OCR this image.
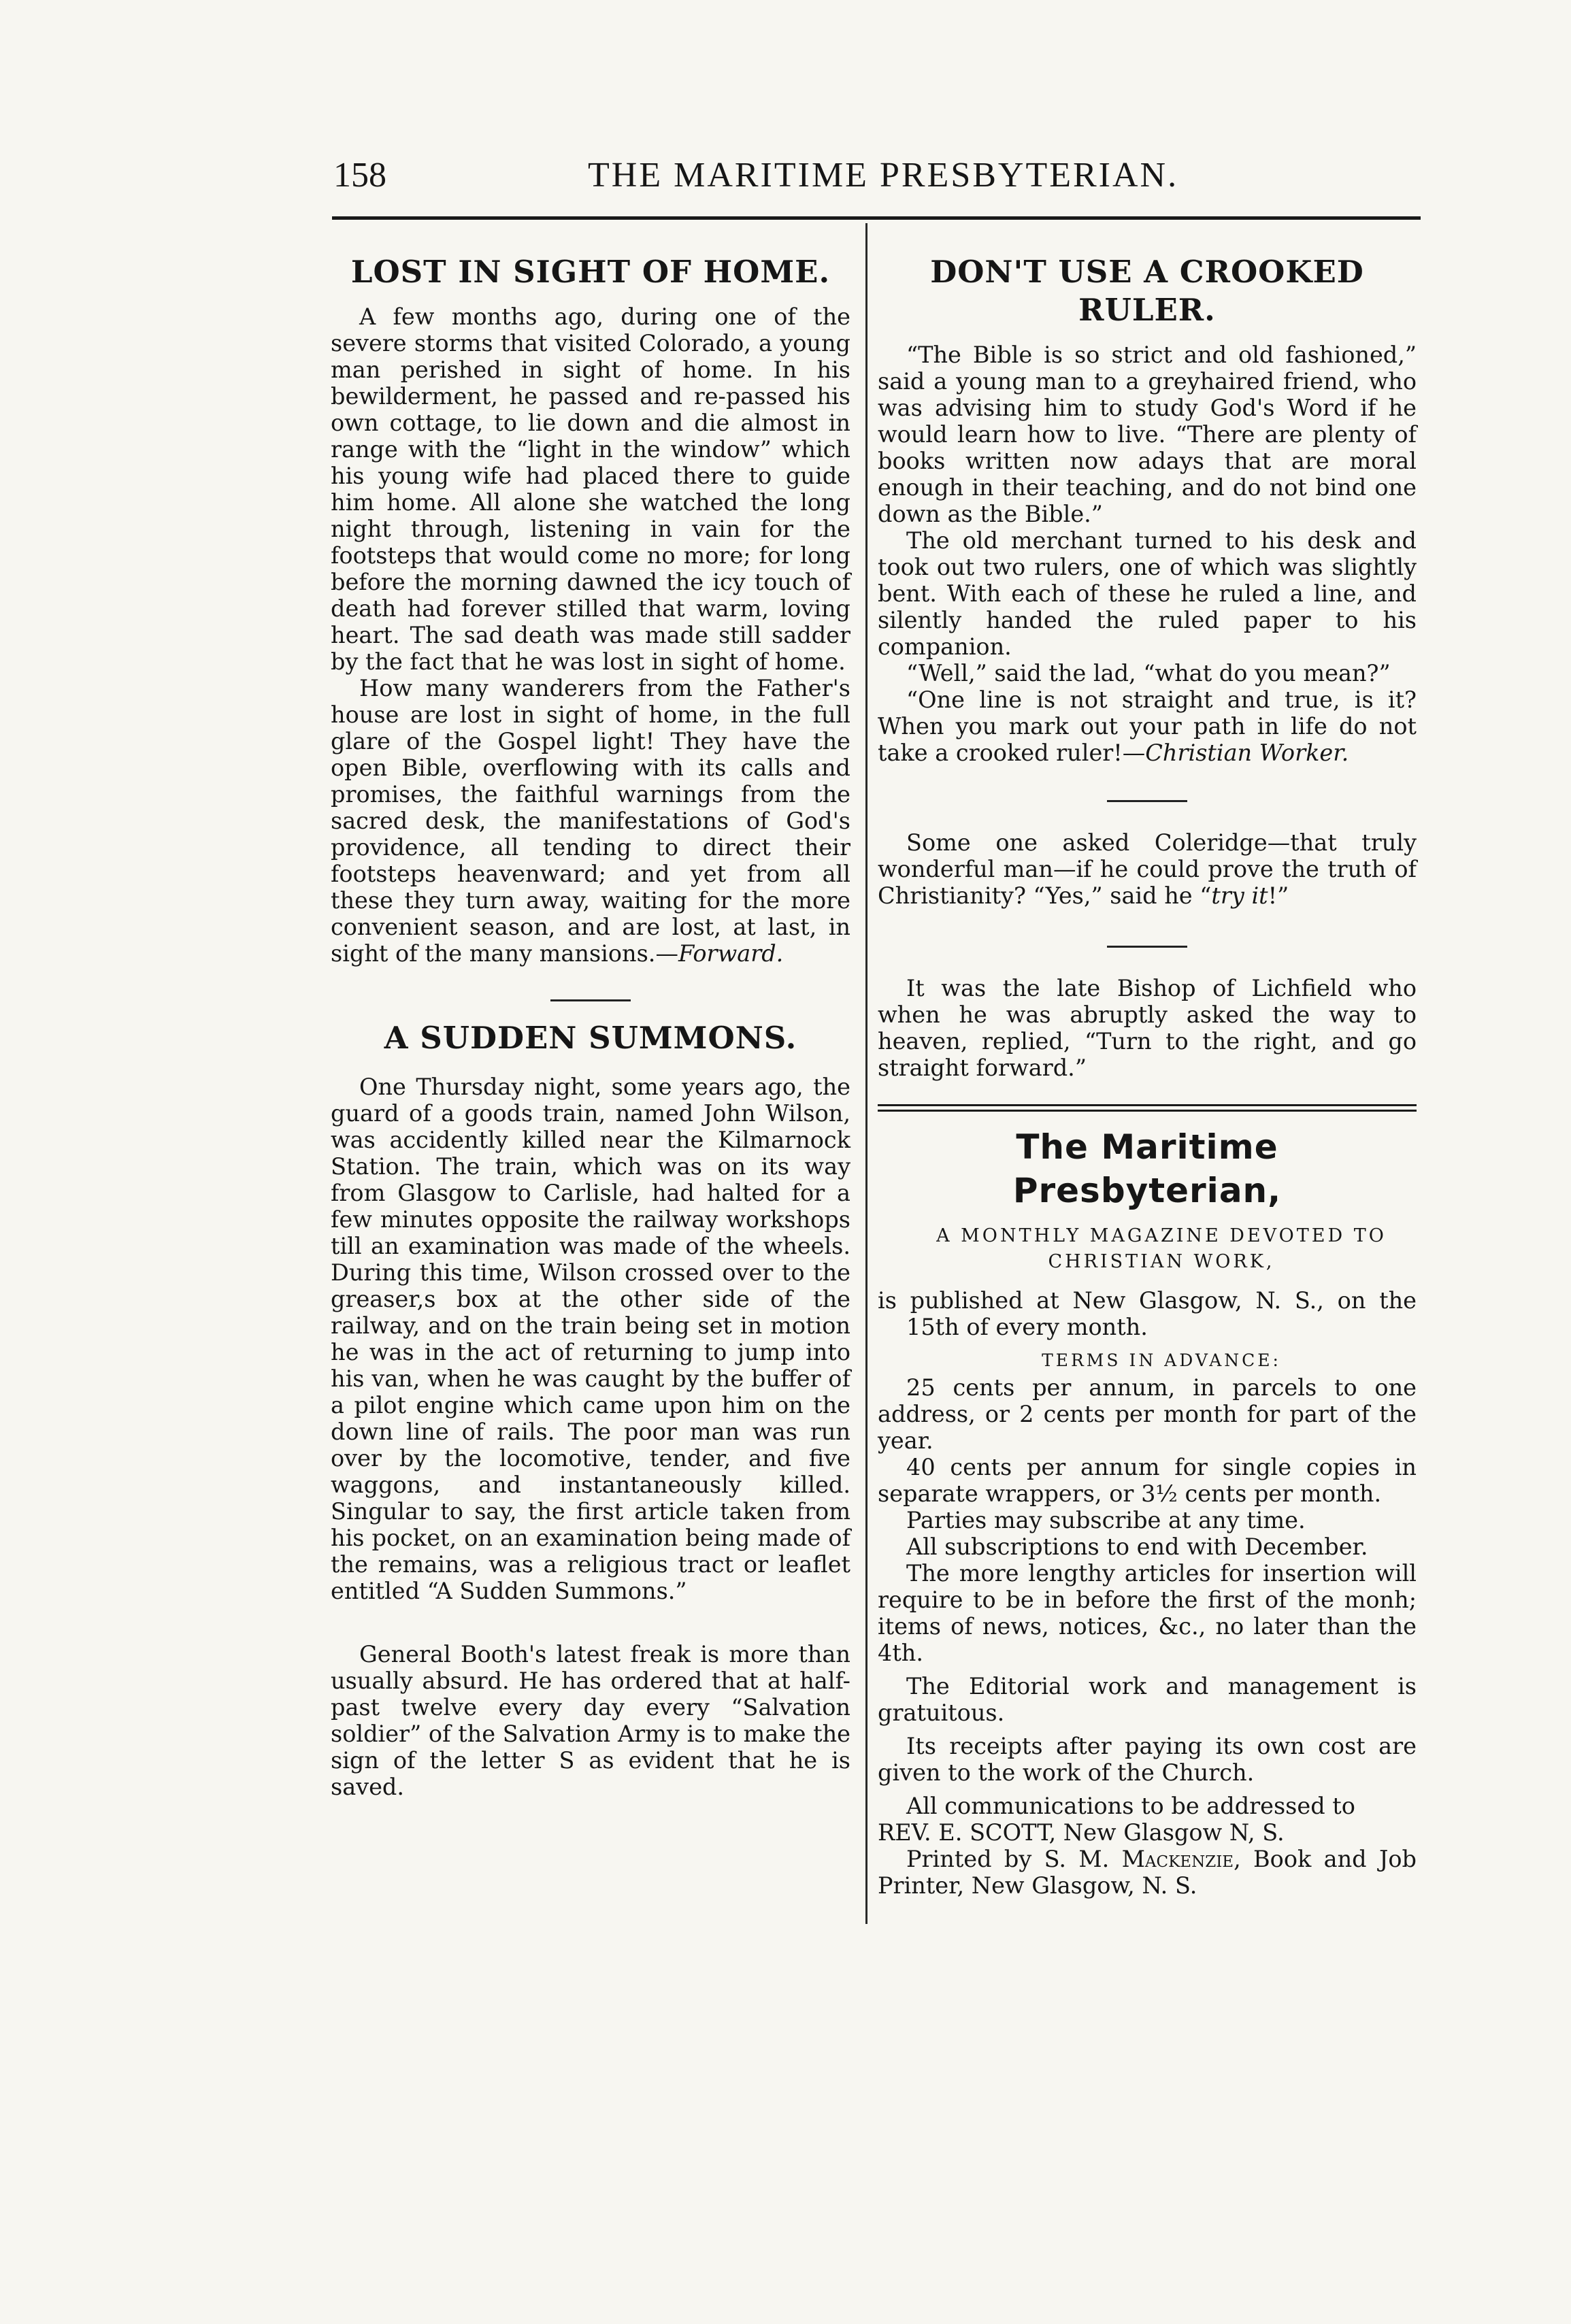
158	THE MARITIME PRESBYTERIAN.
LOST IN SIGHT OF HOME.

A few months ago, during one of the severe storms that visited Colorado, a young man perished in sight of home. In his bewilderment, he passed and re-passed his own cottage, to lie down and die almost in range with the “light in the window” which his young wife had placed there to guide him home. All alone she watched the long night through, listening in vain for the footsteps that would come no more; for long before the morning dawned the icy touch of death had forever stilled that warm, loving heart. The sad death was made still sadder by the fact that he was lost in sight of home.

How many wanderers from the Father's house are lost in sight of home, in the full glare of the Gospel light! They have the open Bible, overflowing with its calls and promises, the faithful warnings from the sacred desk, the manifestations of God's providence, all tending to direct their footsteps heavenward; and yet from all these they turn away, waiting for the more convenient season, and are lost, at last, in sight of the many mansions.—Forward.

A SUDDEN SUMMONS.

One Thursday night, some years ago, the guard of a goods train, named John Wilson, was accidently killed near the Kilmarnock Station. The train, which was on its way from Glasgow to Carlisle, had halted for a few minutes opposite the railway workshops till an examination was made of the wheels. During this time, Wilson crossed over to the greaser,s box at the other side of the railway, and on the train being set in motion he was in the act of returning to jump into his van, when he was caught by the buffer of a pilot engine which came upon him on the down line of rails. The poor man was run over by the locomotive, tender, and five waggons, and instantaneously killed. Singular to say, the first article taken from his pocket, on an examination being made of the remains, was a religious tract or leaflet entitled “A Sudden Summons.”

General Booth's latest freak is more than usually absurd. He has ordered that at half-past twelve every day every “Salvation soldier” of the Salvation Army is to make the sign of the letter S as evident that he is saved.

DON'T USE A CROOKED RULER.

“The Bible is so strict and old fashioned,” said a young man to a greyhaired friend, who was advising him to study God's Word if he would learn how to live. “There are plenty of books written now adays that are moral enough in their teaching, and do not bind one down as the Bible.”

The old merchant turned to his desk and took out two rulers, one of which was slightly bent. With each of these he ruled a line, and silently handed the ruled paper to his companion.

“Well,” said the lad, “what do you mean?”

“One line is not straight and true, is it? When you mark out your path in life do not take a crooked ruler!—Christian Worker.

Some one asked Coleridge—that truly wonderful man—if he could prove the truth of Christianity? “Yes,” said he “try it!”

It was the late Bishop of Lichfield who when he was abruptly asked the way to heaven, replied, “Turn to the right, and go straight forward.”

The Maritime Presbyterian,

A MONTHLY MAGAZINE DEVOTED TO

CHRISTIAN WORK,

is published at New Glasgow, N. S., on the 15th of every month.

TERMS IN ADVANCE:

25 cents per annum, in parcels to one address, or 2 cents per month for part of the year.

40 cents per annum for single copies in separate wrappers, or 3½ cents per month.

Parties may subscribe at any time.

All subscriptions to end with December.

The more lengthy articles for insertion will require to be in before the first of the monh; items of news, notices, &c., no later than the 4th.

The Editorial work and management is gratuitous.

Its receipts after paying its own cost are given to the work of the Church.

All communications to be addressed to

REV. E. SCOTT, New Glasgow N, S.

Printed by S. M. Mackenzie, Book and Job Printer, New Glasgow, N. S.
